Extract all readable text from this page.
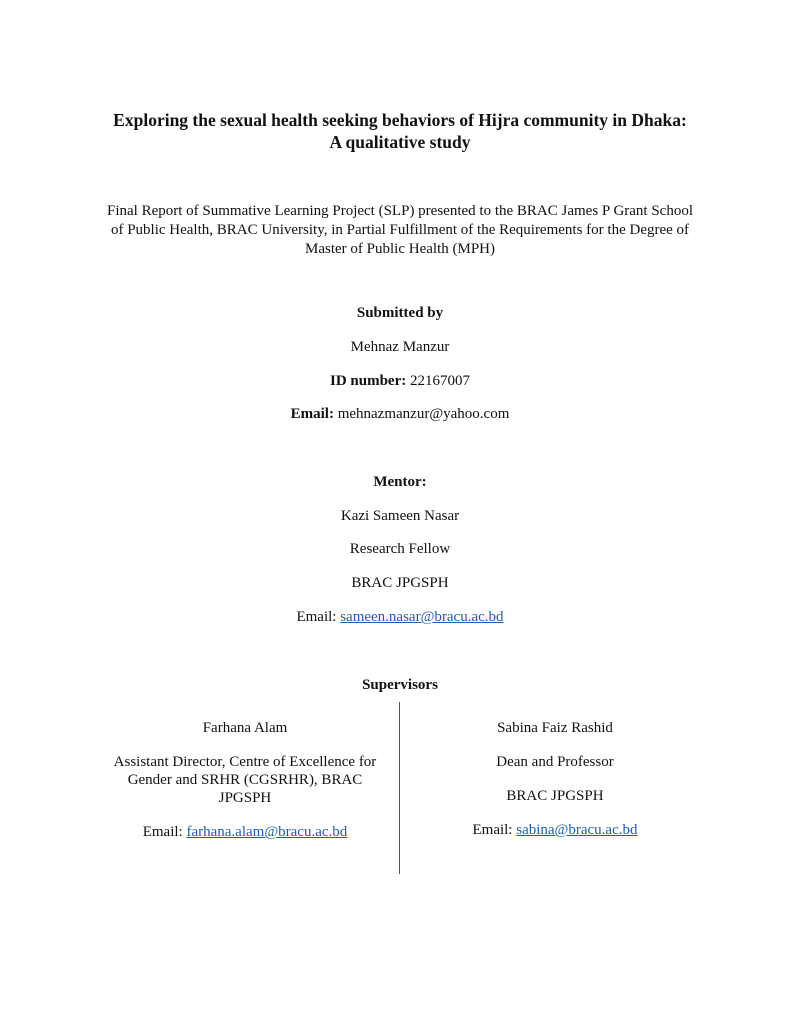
Exploring the sexual health seeking behaviors of Hijra community in Dhaka:
A qualitative study
Final Report of Summative Learning Project (SLP) presented to the BRAC James P Grant School
of Public Health, BRAC University, in Partial Fulfillment of the Requirements for the Degree of
Master of Public Health (MPH)
Submitted by
Mehnaz Manzur
ID number: 22167007
Email: mehnazmanzur@yahoo.com
Mentor:
Kazi Sameen Nasar
Research Fellow
BRAC JPGSPH
Email: sameen.nasar@bracu.ac.bd
Supervisors
Farhana Alam
Assistant Director, Centre of Excellence for
Gender and SRHR (CGSRHR), BRAC
JPGSPH
Email: farhana.alam@bracu.ac.bd
Sabina Faiz Rashid
Dean and Professor
BRAC JPGSPH
Email: sabina@bracu.ac.bd
